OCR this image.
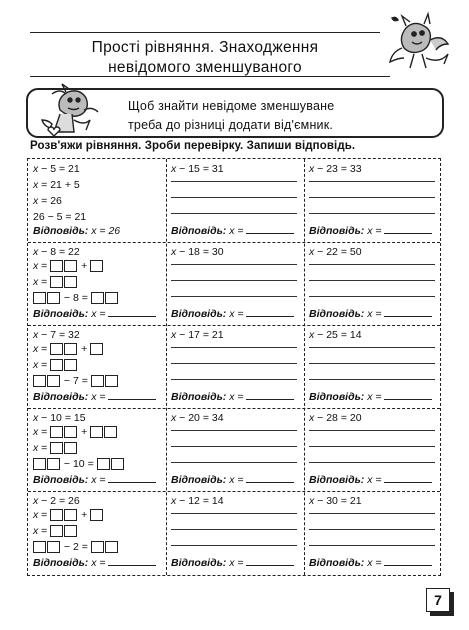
Прості рівняння. Знаходження
невідомого зменшуваного
Щоб знайти невідоме зменшуване
треба до різниці додати від'ємник.
Розв'яжи рівняння. Зроби перевірку. Запиши відповідь.
x − 5 = 21
x = 21 + 5
x = 26
26 − 5 = 21
Відповідь: x = 26
x − 15 = 31
Відповідь: x =
x − 23 = 33
Відповідь: x =
x − 8 = 22
x =	+
x =
− 8 =
Відповідь: x =
x − 18 = 30
Відповідь: x =
x − 22 = 50
Відповідь: x =
x − 7 = 32
x =	+
x =
− 7 =
Відповідь: x =
x − 17 = 21
Відповідь: x =
x − 25 = 14
Відповідь: x =
x − 10 = 15
x =	+
x =
− 10 =
Відповідь: x =
x − 20 = 34
Відповідь: x =
x − 28 = 20
Відповідь: x =
x − 2 = 26
x =	+
x =
− 2 =
Відповідь: x =
x − 12 = 14
Відповідь: x =
x − 30 = 21
Відповідь: x =
7
